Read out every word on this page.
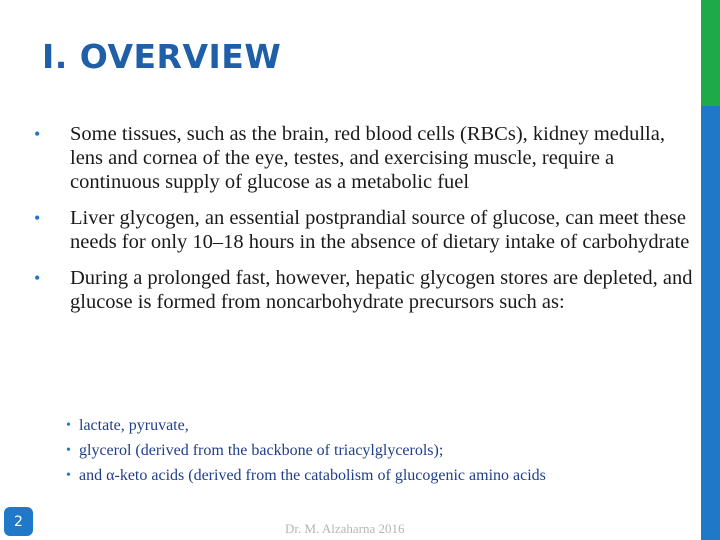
I. OVERVIEW
• Some tissues, such as the brain, red blood cells (RBCs), kidney medulla, lens and cornea of the eye, testes, and exercising muscle, require a continuous supply of glucose as a metabolic fuel
• Liver glycogen, an essential postprandial source of glucose, can meet these needs for only 10–18 hours in the absence of dietary intake of carbohydrate
• During a prolonged fast, however, hepatic glycogen stores are depleted, and glucose is formed from noncarbohydrate precursors such as:
• lactate, pyruvate,
• glycerol (derived from the backbone of triacylglycerols);
• and α-keto acids (derived from the catabolism of glucogenic amino acids
2	Dr. M. Alzaharna 2016
